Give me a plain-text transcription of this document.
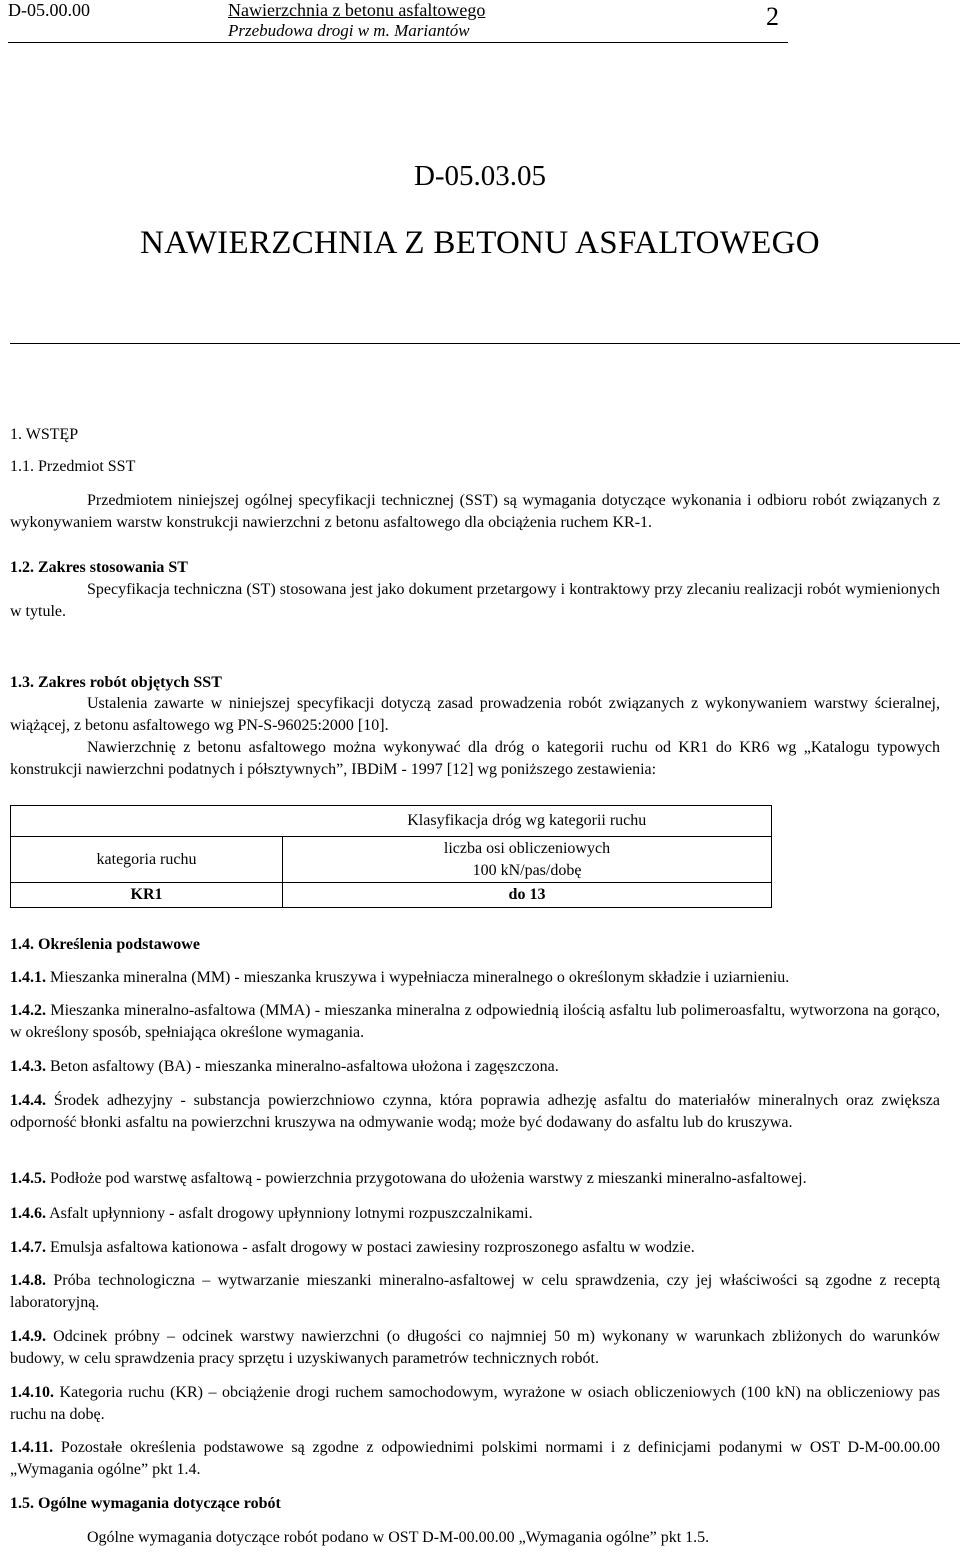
D-05.00.00	Nawierzchnia z betonu asfaltowego
Przebudowa drogi w m. Mariantów	2
D-05.03.05
NAWIERZCHNIA Z BETONU ASFALTOWEGO
1. WSTĘP
1.1. Przedmiot SST
Przedmiotem niniejszej ogólnej specyfikacji technicznej (SST) są wymagania dotyczące wykonania i odbioru robót związanych z wykonywaniem warstw konstrukcji nawierzchni z betonu asfaltowego dla obciążenia ruchem KR-1.
1.2. Zakres stosowania ST
Specyfikacja techniczna (ST) stosowana jest jako dokument przetargowy i kontraktowy przy zlecaniu realizacji robót wymienionych w tytule.
1.3. Zakres robót objętych SST
Ustalenia zawarte w niniejszej specyfikacji dotyczą zasad prowadzenia robót związanych z wykonywaniem warstwy ścieralnej, wiążącej, z betonu asfaltowego wg PN-S-96025:2000 [10].
Nawierzchnię z betonu asfaltowego można wykonywać dla dróg o kategorii ruchu od KR1 do KR6 wg „Katalogu typowych konstrukcji nawierzchni podatnych i półsztywnych”, IBDiM - 1997 [12] wg poniższego zestawienia:
	Klasyfikacja dróg wg kategorii ruchu
kategoria ruchu	liczba osi obliczeniowych
100 kN/pas/dobę

KR1	do 13
1.4. Określenia podstawowe
1.4.1. Mieszanka mineralna (MM) - mieszanka kruszywa i wypełniacza mineralnego o określonym składzie i uziarnieniu.
1.4.2. Mieszanka mineralno-asfaltowa (MMA) - mieszanka mineralna z odpowiednią ilością asfaltu lub polimeroasfaltu, wytworzona na gorąco, w określony sposób, spełniająca określone wymagania.
1.4.3. Beton asfaltowy (BA) - mieszanka mineralno-asfaltowa ułożona i zagęszczona.
1.4.4. Środek adhezyjny - substancja powierzchniowo czynna, która poprawia adhezję asfaltu do materiałów mineralnych oraz zwiększa odporność błonki asfaltu na powierzchni kruszywa na odmywanie wodą; może być dodawany do asfaltu lub do kruszywa.
1.4.5. Podłoże pod warstwę asfaltową - powierzchnia przygotowana do ułożenia warstwy z mieszanki mineralno-asfaltowej.
1.4.6. Asfalt upłynniony - asfalt drogowy upłynniony lotnymi rozpuszczalnikami.
1.4.7. Emulsja asfaltowa kationowa - asfalt drogowy w postaci zawiesiny rozproszonego asfaltu w wodzie.
1.4.8. Próba technologiczna – wytwarzanie mieszanki mineralno-asfaltowej w celu sprawdzenia, czy jej właściwości są zgodne z receptą laboratoryjną.
1.4.9. Odcinek próbny – odcinek warstwy nawierzchni (o długości co najmniej 50 m) wykonany w warunkach zbliżonych do warunków budowy, w celu sprawdzenia pracy sprzętu i uzyskiwanych parametrów technicznych robót.
1.4.10. Kategoria ruchu (KR) – obciążenie drogi ruchem samochodowym, wyrażone w osiach obliczeniowych (100 kN) na obliczeniowy pas ruchu na dobę.
1.4.11. Pozostałe określenia podstawowe są zgodne z odpowiednimi polskimi normami i z definicjami podanymi w OST D-M-00.00.00 „Wymagania ogólne” pkt 1.4.
1.5. Ogólne wymagania dotyczące robót
Ogólne wymagania dotyczące robót podano w OST D-M-00.00.00 „Wymagania ogólne” pkt 1.5.
